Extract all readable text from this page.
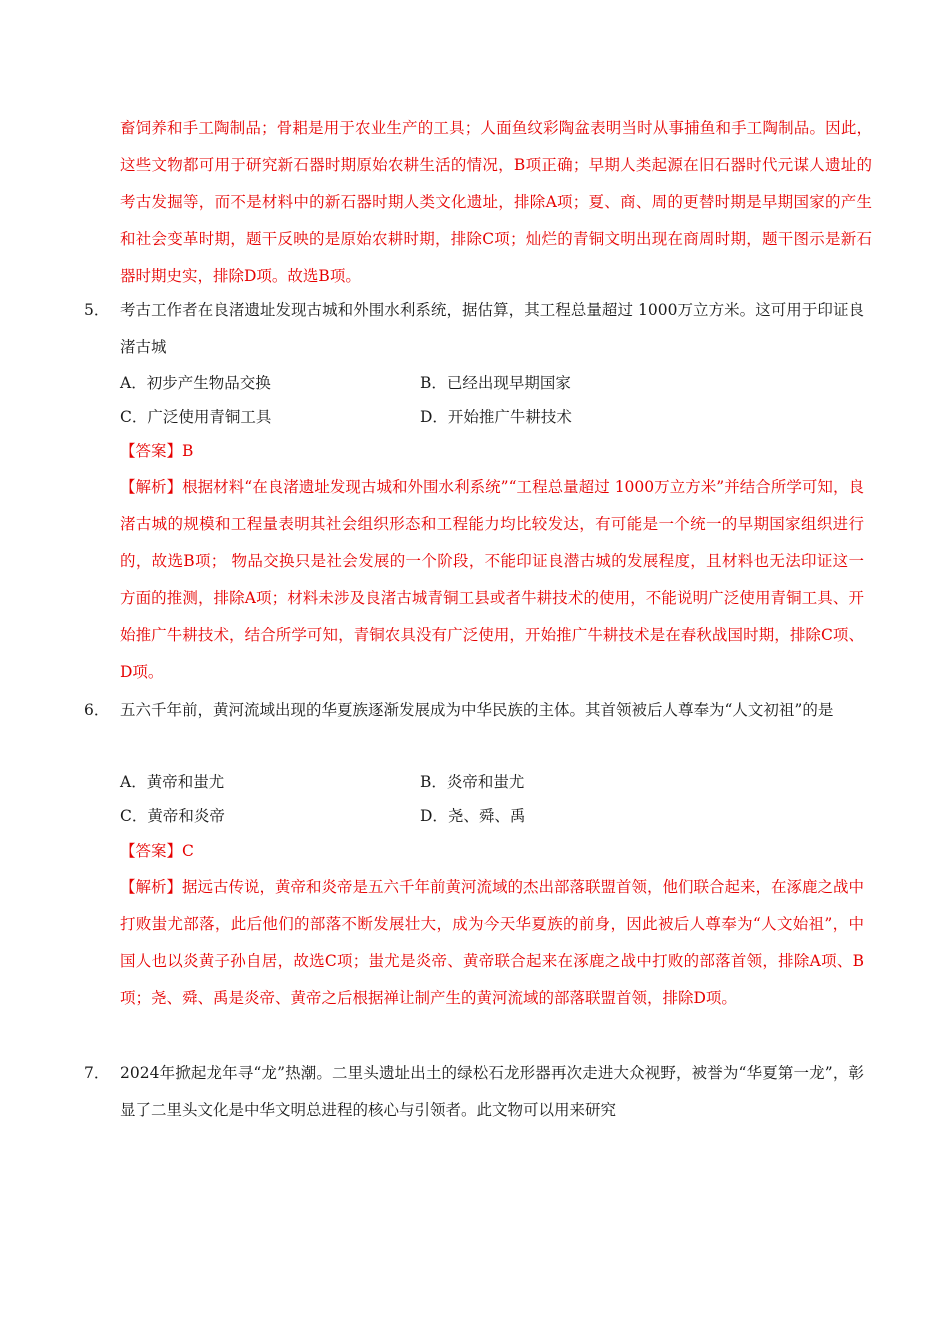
畜饲养和手工陶制品；骨耜是用于农业生产的工具；人面鱼纹彩陶盆表明当时从事捕鱼和手工陶制品。因此，这些文物都可用于研究新石器时期原始农耕生活的情况，B项正确；早期人类起源在旧石器时代元谋人遗址的考古发掘等，而不是材料中的新石器时期人类文化遗址，排除A项；夏、商、周的更替时期是早期国家的产生和社会变革时期，题干反映的是原始农耕时期，排除C项；灿烂的青铜文明出现在商周时期，题干图示是新石器时期史实，排除D项。故选B项。
5． 考古工作者在良渚遗址发现古城和外围水利系统，据估算，其工程总量超过 1000万立方米。这可用于印证良渚古城
A．初步产生物品交换	B．已经出现早期国家
C．广泛使用青铜工具	D．开始推广牛耕技术
【答案】B
【解析】根据材料“在良渚遗址发现古城和外围水利系统”“工程总量超过 1000万立方米”并结合所学可知，良渚古城的规模和工程量表明其社会组织形态和工程能力均比较发达，有可能是一个统一的早期国家组织进行的，故选B项； 物品交换只是社会发展的一个阶段，不能印证良潜古城的发展程度，且材料也无法印证这一方面的推测，排除A项；材料未涉及良渚古城青铜工县或者牛耕技术的使用，不能说明广泛使用青铜工具、开始推广牛耕技术，结合所学可知，青铜农具没有广泛使用，开始推广牛耕技术是在春秋战国时期，排除C项、D项。
6． 五六千年前，黄河流域出现的华夏族逐渐发展成为中华民族的主体。其首领被后人尊奉为“人文初祖”的是
A．黄帝和蚩尤	B．炎帝和蚩尤
C．黄帝和炎帝	D．尧、舜、禹
【答案】C
【解析】据远古传说，黄帝和炎帝是五六千年前黄河流域的杰出部落联盟首领，他们联合起来，在涿鹿之战中打败蚩尤部落，此后他们的部落不断发展壮大，成为今天华夏族的前身，因此被后人尊奉为“人文始祖”，中国人也以炎黄子孙自居，故选C项；蚩尤是炎帝、黄帝联合起来在涿鹿之战中打败的部落首领，排除A项、B 项；尧、舜、禹是炎帝、黄帝之后根据禅让制产生的黄河流域的部落联盟首领，排除D项。
7． 2024年掀起龙年寻“龙”热潮。二里头遗址出土的绿松石龙形器再次走进大众视野，被誉为“华夏第一龙”，彰显了二里头文化是中华文明总进程的核心与引领者。此文物可以用来研究
